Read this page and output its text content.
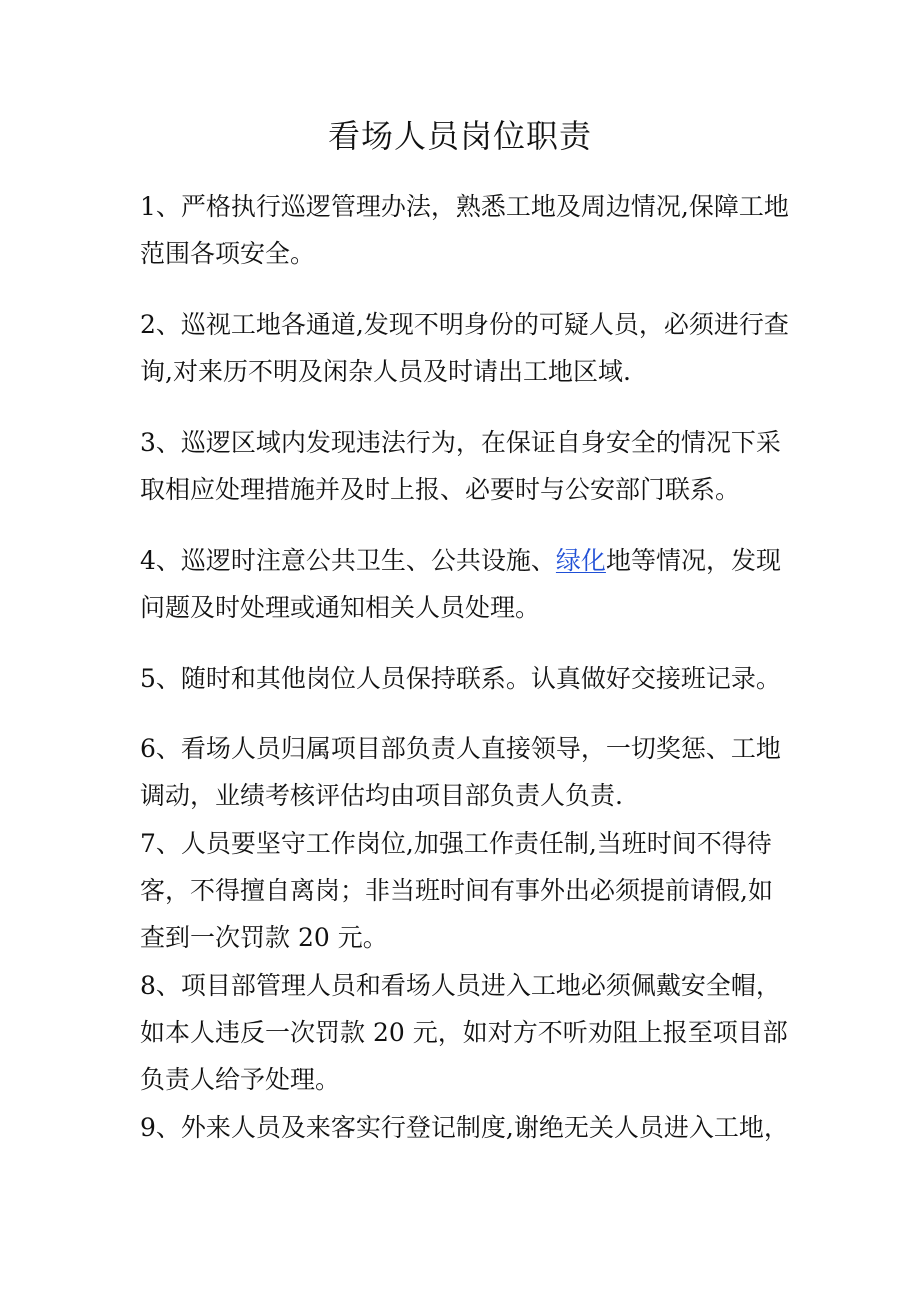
看场人员岗位职责
1、严格执行巡逻管理办法，熟悉工地及周边情况,保障工地
范围各项安全。
2、巡视工地各通道,发现不明身份的可疑人员，必须进行查
询,对来历不明及闲杂人员及时请出工地区域.
3、巡逻区域内发现违法行为，在保证自身安全的情况下采
取相应处理措施并及时上报、必要时与公安部门联系。
4、巡逻时注意公共卫生、公共设施、绿化地等情况，发现
问题及时处理或通知相关人员处理。
5、随时和其他岗位人员保持联系。认真做好交接班记录。
6、看场人员归属项目部负责人直接领导，一切奖惩、工地
调动，业绩考核评估均由项目部负责人负责.
7、人员要坚守工作岗位,加强工作责任制,当班时间不得待
客，不得擅自离岗；非当班时间有事外出必须提前请假,如
查到一次罚款 20 元。
8、项目部管理人员和看场人员进入工地必须佩戴安全帽，
如本人违反一次罚款 20 元，如对方不听劝阻上报至项目部
负责人给予处理。
9、外来人员及来客实行登记制度,谢绝无关人员进入工地，
